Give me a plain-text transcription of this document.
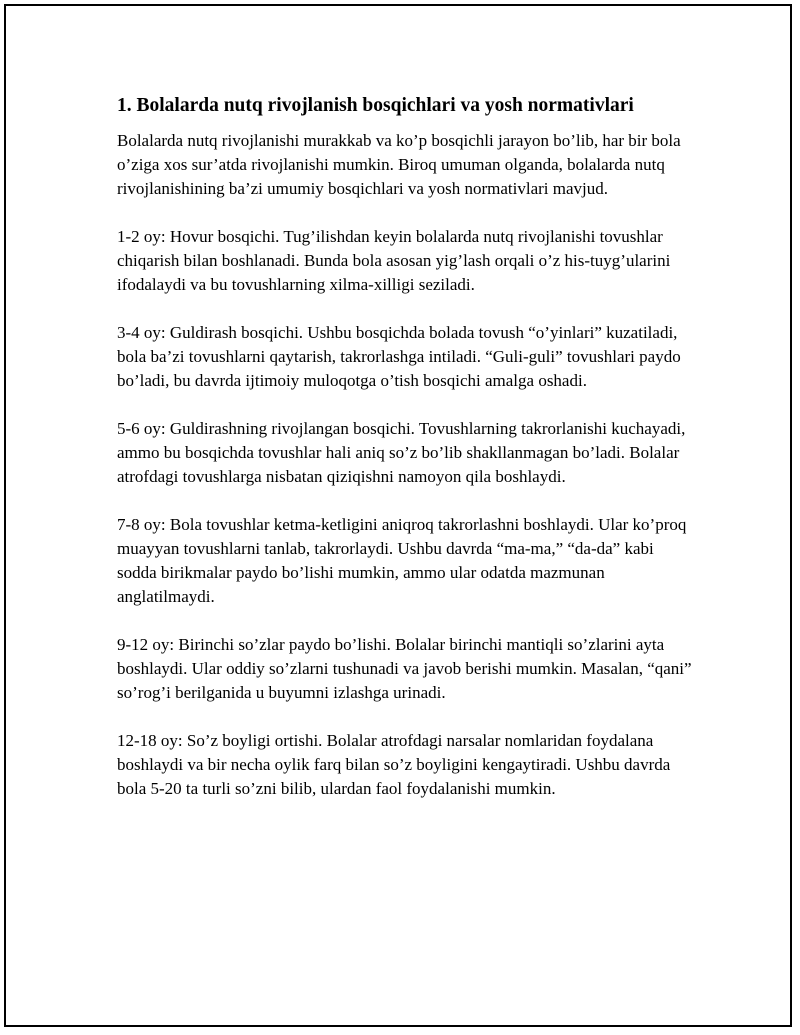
1. Bolalarda nutq rivojlanish bosqichlari va yosh normativlari

Bolalarda nutq rivojlanishi murakkab va ko’p bosqichli jarayon bo’lib, har bir bola o’ziga xos sur’atda rivojlanishi mumkin. Biroq umuman olganda, bolalarda nutq rivojlanishining ba’zi umumiy bosqichlari va yosh normativlari mavjud.

1-2 oy: Hovur bosqichi. Tug’ilishdan keyin bolalarda nutq rivojlanishi tovushlar chiqarish bilan boshlanadi. Bunda bola asosan yig’lash orqali o’z his-tuyg’ularini ifodalaydi va bu tovushlarning xilma-xilligi seziladi.

3-4 oy: Guldirash bosqichi. Ushbu bosqichda bolada tovush “o’yinlari” kuzatiladi, bola ba’zi tovushlarni qaytarish, takrorlashga intiladi. “Guli-guli” tovushlari paydo bo’ladi, bu davrda ijtimoiy muloqotga o’tish bosqichi amalga oshadi.

5-6 oy: Guldirashning rivojlangan bosqichi. Tovushlarning takrorlanishi kuchayadi, ammo bu bosqichda tovushlar hali aniq so’z bo’lib shakllanmagan bo’ladi. Bolalar atrofdagi tovushlarga nisbatan qiziqishni namoyon qila boshlaydi.

7-8 oy: Bola tovushlar ketma-ketligini aniqroq takrorlashni boshlaydi. Ular ko’proq muayyan tovushlarni tanlab, takrorlaydi. Ushbu davrda “ma-ma,” “da-da” kabi sodda birikmalar paydo bo’lishi mumkin, ammo ular odatda mazmunan anglatilmaydi.

9-12 oy: Birinchi so’zlar paydo bo’lishi. Bolalar birinchi mantiqli so’zlarini ayta boshlaydi. Ular oddiy so’zlarni tushunadi va javob berishi mumkin. Masalan, “qani” so’rog’i berilganida u buyumni izlashga urinadi.

12-18 oy: So’z boyligi ortishi. Bolalar atrofdagi narsalar nomlaridan foydalana boshlaydi va bir necha oylik farq bilan so’z boyligini kengaytiradi. Ushbu davrda bola 5-20 ta turli so’zni bilib, ulardan faol foydalanishi mumkin.
